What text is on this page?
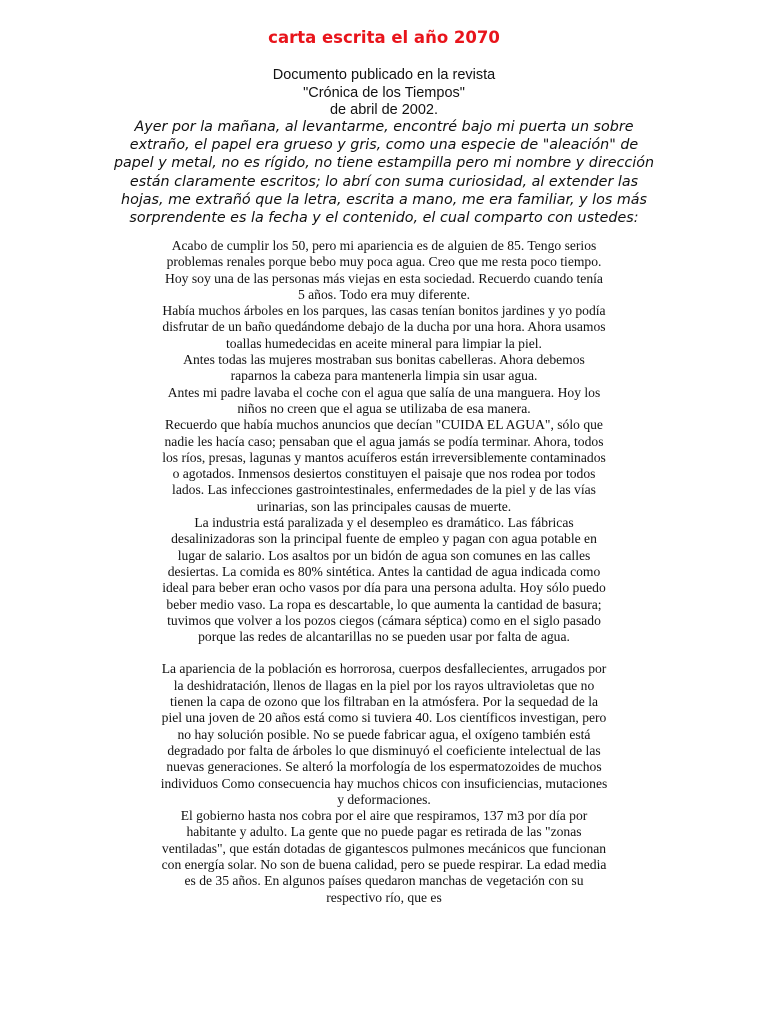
carta escrita el año 2070
Documento publicado en la revista
"Crónica de los Tiempos"
de abril de 2002.

Ayer por la mañana, al levantarme, encontré bajo mi puerta un sobre extraño, el papel era grueso y gris, como una especie de "aleación" de papel y metal, no es rígido, no tiene estampilla pero mi nombre y dirección están claramente escritos; lo abrí con suma curiosidad, al extender las hojas, me extrañó que la letra, escrita a mano, me era familiar, y los más sorprendente es la fecha y el contenido, el cual comparto con ustedes:

Acabo de cumplir los 50, pero mi apariencia es de alguien de 85. Tengo serios problemas renales porque bebo muy poca agua. Creo que me resta poco tiempo. Hoy soy una de las personas más viejas en esta sociedad. Recuerdo cuando tenía 5 años. Todo era muy diferente.

Había muchos árboles en los parques, las casas tenían bonitos jardines y yo podía disfrutar de un baño quedándome debajo de la ducha por una hora. Ahora usamos toallas humedecidas en aceite mineral para limpiar la piel.

Antes todas las mujeres mostraban sus bonitas cabelleras. Ahora debemos raparnos la cabeza para mantenerla limpia sin usar agua.

Antes mi padre lavaba el coche con el agua que salía de una manguera. Hoy los niños no creen que el agua se utilizaba de esa manera.

Recuerdo que había muchos anuncios que decían "CUIDA EL AGUA", sólo que nadie les hacía caso; pensaban que el agua jamás se podía terminar. Ahora, todos los ríos, presas, lagunas y mantos acuíferos están irreversiblemente contaminados o agotados. Inmensos desiertos constituyen el paisaje que nos rodea por todos lados. Las infecciones gastrointestinales, enfermedades de la piel y de las vías urinarias, son las principales causas de muerte.

La industria está paralizada y el desempleo es dramático. Las fábricas desalinizadoras son la principal fuente de empleo y pagan con agua potable en lugar de salario. Los asaltos por un bidón de agua son comunes en las calles desiertas. La comida es 80% sintética. Antes la cantidad de agua indicada como ideal para beber eran ocho vasos por día para una persona adulta. Hoy sólo puedo beber medio vaso. La ropa es descartable, lo que aumenta la cantidad de basura; tuvimos que volver a los pozos ciegos (cámara séptica) como en el siglo pasado porque las redes de alcantarillas no se pueden usar por falta de agua.

La apariencia de la población es horrorosa, cuerpos desfallecientes, arrugados por la deshidratación, llenos de llagas en la piel por los rayos ultravioletas que no tienen la capa de ozono que los filtraban en la atmósfera. Por la sequedad de la piel una joven de 20 años está como si tuviera 40. Los científicos investigan, pero no hay solución posible. No se puede fabricar agua, el oxígeno también está degradado por falta de árboles lo que disminuyó el coeficiente intelectual de las nuevas generaciones. Se alteró la morfología de los espermatozoides de muchos individuos Como consecuencia hay muchos chicos con insuficiencias, mutaciones y deformaciones.

El gobierno hasta nos cobra por el aire que respiramos, 137 m3 por día por habitante y adulto. La gente que no puede pagar es retirada de las "zonas ventiladas", que están dotadas de gigantescos pulmones mecánicos que funcionan con energía solar. No son de buena calidad, pero se puede respirar. La edad media es de 35 años. En algunos países quedaron manchas de vegetación con su respectivo río, que es
